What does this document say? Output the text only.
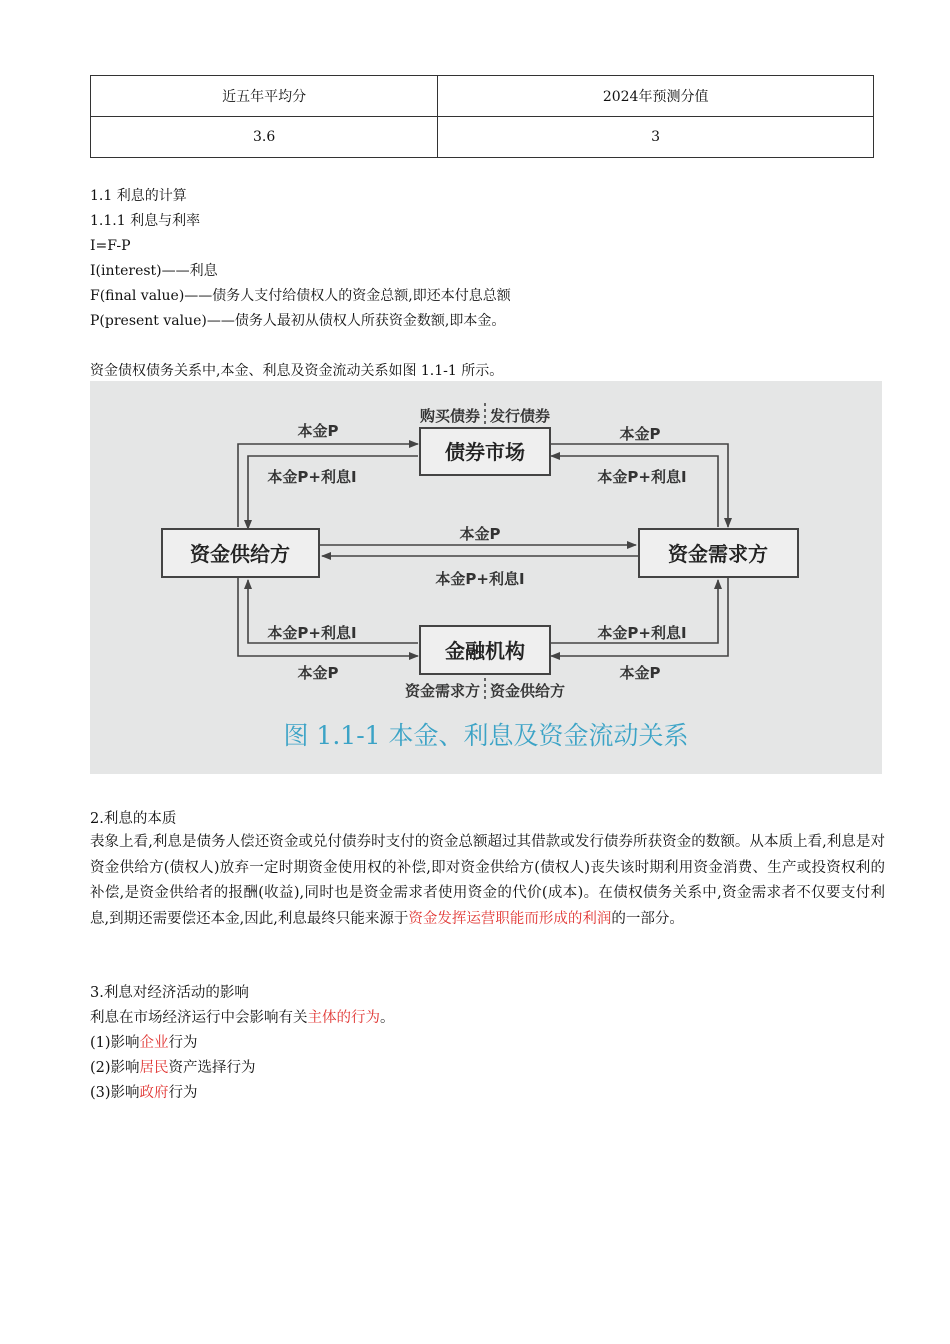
近五年平均分	2024年预测分值
3.6	3
1.1 利息的计算
1.1.1 利息与利率
I=F-P
I(interest)——利息
F(final value)——债务人支付给债权人的资金总额,即还本付息总额
P(present value)——债务人最初从债权人所获资金数额,即本金。
资金债权债务关系中,本金、利息及资金流动关系如图 1.1-1 所示。
债券市场
资金供给方	资金需求方
金融机构
购买债券 发行债券
本金P
本金P+利息I
本金P
本金P+利息I
本金P
本金P+利息I
本金P+利息I
本金P
本金P+利息I
本金P
资金需求方 资金供给方
图 1.1-1 本金、利息及资金流动关系
2.利息的本质
表象上看,利息是债务人偿还资金或兑付债券时支付的资金总额超过其借款或发行债券所获资金的数额。从本质上看,利息是对资金供给方(债权人)放弃一定时期资金使用权的补偿,即对资金供给方(债权人)丧失该时期利用资金消费、生产或投资权利的补偿,是资金供给者的报酬(收益),同时也是资金需求者使用资金的代价(成本)。在债权债务关系中,资金需求者不仅要支付利息,到期还需要偿还本金,因此,利息最终只能来源于资金发挥运营职能而形成的利润的一部分。
3.利息对经济活动的影响
利息在市场经济运行中会影响有关主体的行为。
(1)影响企业行为
(2)影响居民资产选择行为
(3)影响政府行为
